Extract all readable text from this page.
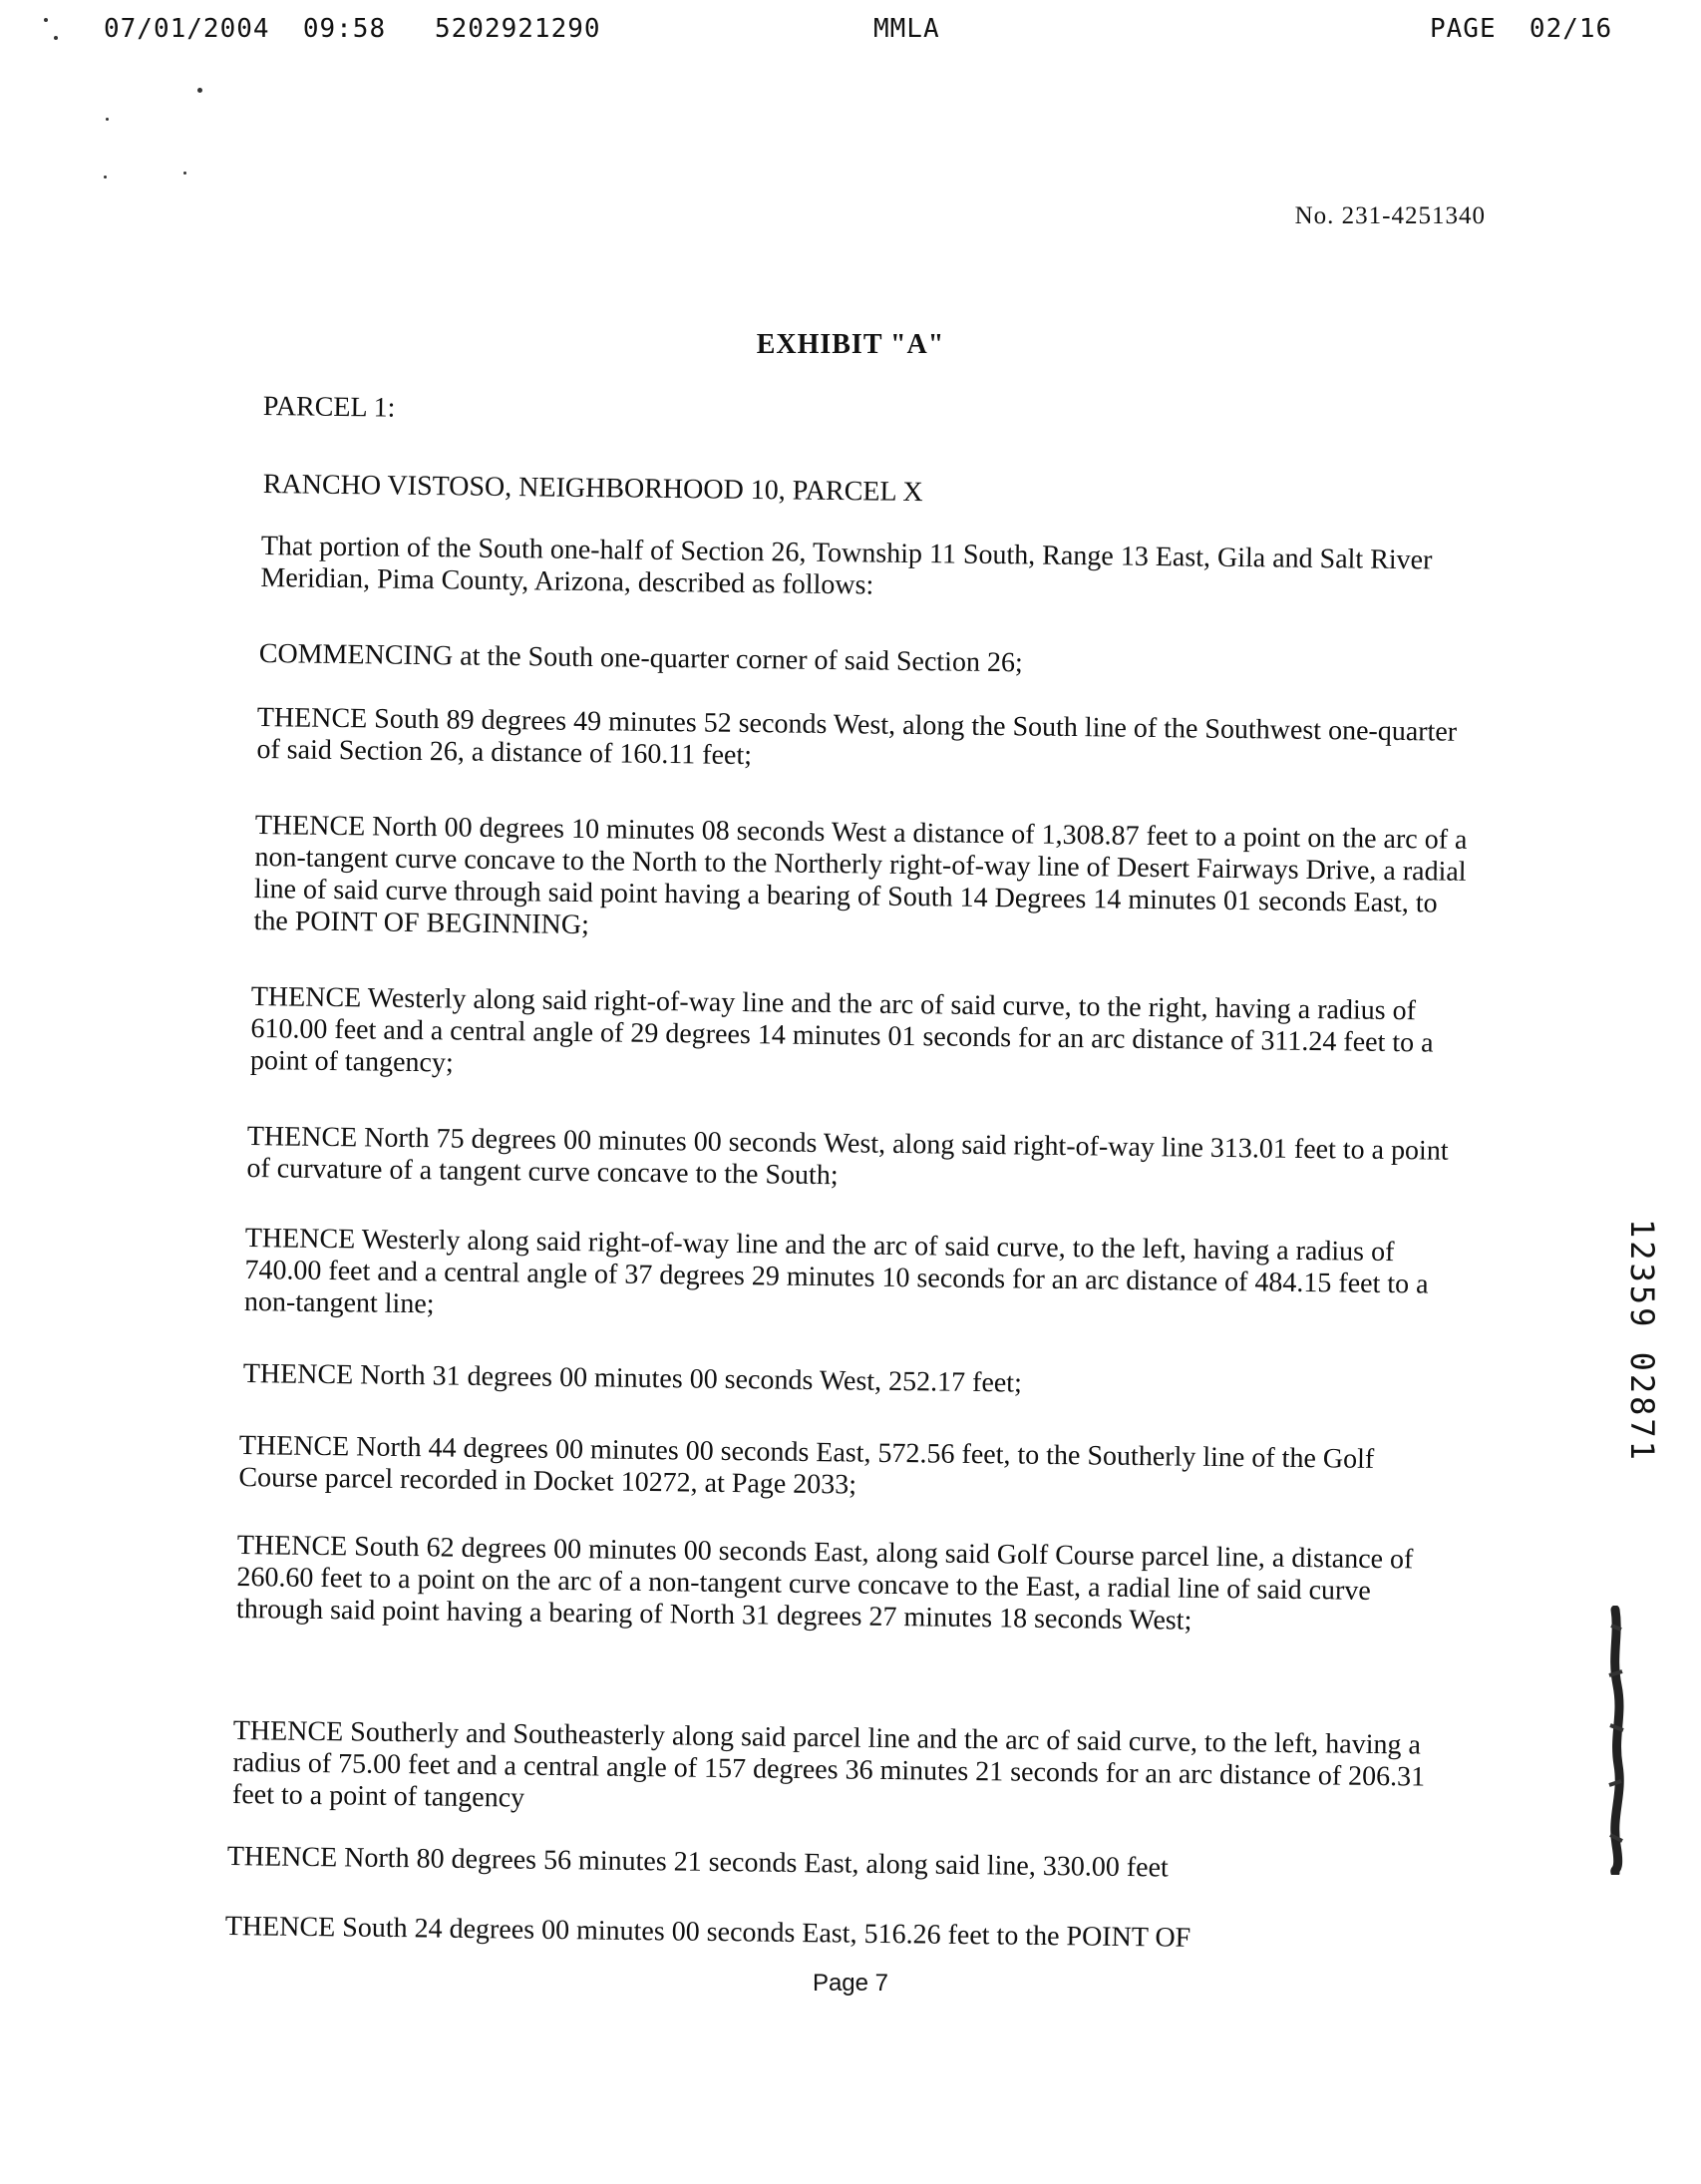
07/01/2004  09:58 5202921290	MMLA	PAGE  02/16
No. 231-4251340
EXHIBIT "A"

PARCEL 1:

RANCHO VISTOSO, NEIGHBORHOOD 10, PARCEL X

That portion of the South one-half of Section 26, Township 11 South, Range 13 East, Gila and Salt River Meridian, Pima County, Arizona, described as follows:

COMMENCING at the South one-quarter corner of said Section 26;

THENCE South 89 degrees 49 minutes 52 seconds West, along the South line of the Southwest one-quarter of said Section 26, a distance of 160.11 feet;

THENCE North 00 degrees 10 minutes 08 seconds West a distance of 1,308.87 feet to a point on the arc of a non-tangent curve concave to the North to the Northerly right-of-way line of Desert Fairways Drive, a radial line of said curve through said point having a bearing of South 14 Degrees 14 minutes 01 seconds East, to the POINT OF BEGINNING;

THENCE Westerly along said right-of-way line and the arc of said curve, to the right, having a radius of 610.00 feet and a central angle of 29 degrees 14 minutes 01 seconds for an arc distance of 311.24 feet to a point of tangency;

THENCE North 75 degrees 00 minutes 00 seconds West, along said right-of-way line 313.01 feet to a point of curvature of a tangent curve concave to the South;

THENCE Westerly along said right-of-way line and the arc of said curve, to the left, having a radius of 740.00 feet and a central angle of 37 degrees 29 minutes 10 seconds for an arc distance of 484.15 feet to a non-tangent line;

THENCE North 31 degrees 00 minutes 00 seconds West, 252.17 feet;

THENCE North 44 degrees 00 minutes 00 seconds East, 572.56 feet, to the Southerly line of the Golf Course parcel recorded in Docket 10272, at Page 2033;

THENCE South 62 degrees 00 minutes 00 seconds East, along said Golf Course parcel line, a distance of 260.60 feet to a point on the arc of a non-tangent curve concave to the East, a radial line of said curve through said point having a bearing of North 31 degrees 27 minutes 18 seconds West;

THENCE Southerly and Southeasterly along said parcel line and the arc of said curve, to the left, having a radius of 75.00 feet and a central angle of 157 degrees 36 minutes 21 seconds for an arc distance of 206.31 feet to a point of tangency

THENCE North 80 degrees 56 minutes 21 seconds East, along said line, 330.00 feet

THENCE South 24 degrees 00 minutes 00 seconds East, 516.26 feet to the POINT OF

Page 7
12359 02871
